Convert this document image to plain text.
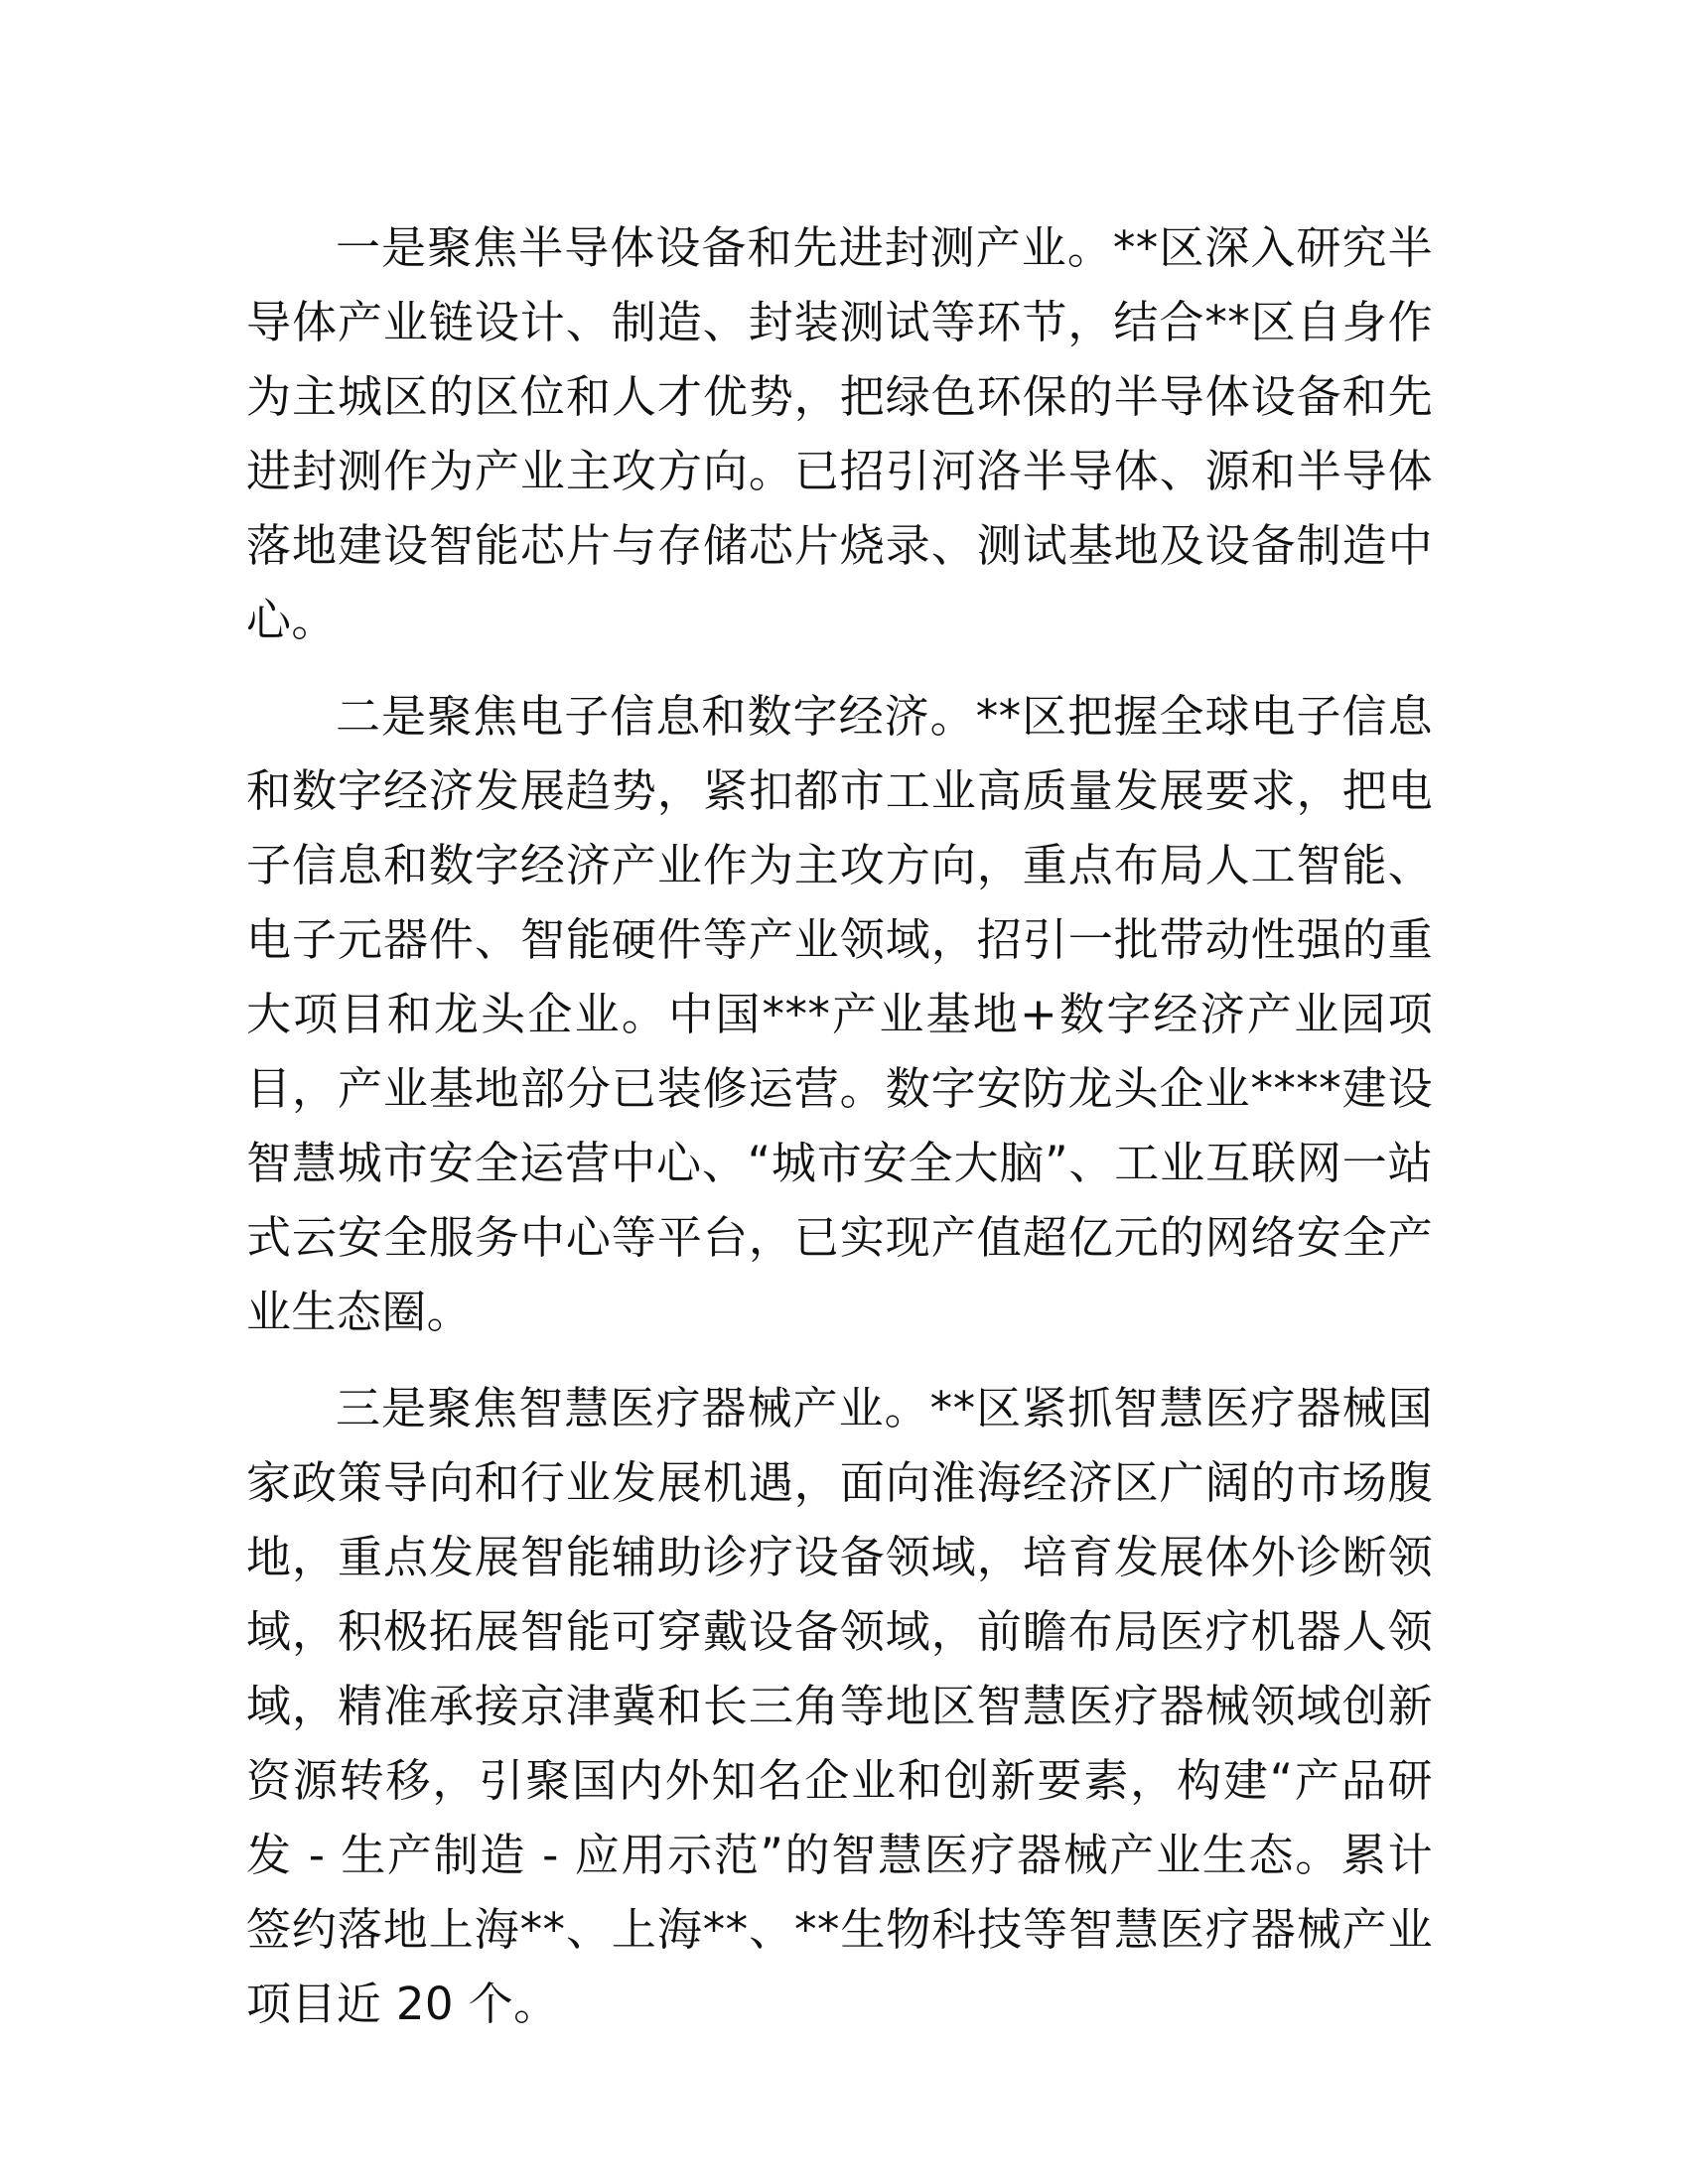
一是聚焦半导体设备和先进封测产业。**区深入研究半导体产业链设计、制造、封装测试等环节，结合**区自身作为主城区的区位和人才优势，把绿色环保的半导体设备和先进封测作为产业主攻方向。已招引河洛半导体、源和半导体落地建设智能芯片与存储芯片烧录、测试基地及设备制造中心。

二是聚焦电子信息和数字经济。**区把握全球电子信息和数字经济发展趋势，紧扣都市工业高质量发展要求，把电子信息和数字经济产业作为主攻方向，重点布局人工智能、电子元器件、智能硬件等产业领域，招引一批带动性强的重大项目和龙头企业。中国***产业基地+数字经济产业园项目，产业基地部分已装修运营。数字安防龙头企业****建设智慧城市安全运营中心、“城市安全大脑”、工业互联网一站式云安全服务中心等平台，已实现产值超亿元的网络安全产业生态圈。

三是聚焦智慧医疗器械产业。**区紧抓智慧医疗器械国家政策导向和行业发展机遇，面向淮海经济区广阔的市场腹地，重点发展智能辅助诊疗设备领域，培育发展体外诊断领域，积极拓展智能可穿戴设备领域，前瞻布局医疗机器人领域，精准承接京津冀和长三角等地区智慧医疗器械领域创新资源转移，引聚国内外知名企业和创新要素，构建“产品研发 - 生产制造 - 应用示范”的智慧医疗器械产业生态。累计签约落地上海**、上海**、**生物科技等智慧医疗器械产业项目近 20 个。
